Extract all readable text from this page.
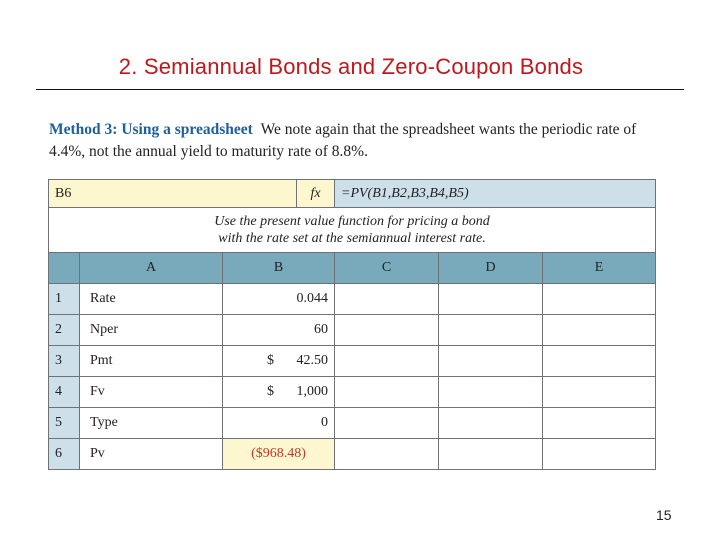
2. Semiannual Bonds and Zero-Coupon Bonds
Method 3: Using a spreadsheet We note again that the spreadsheet wants the periodic rate of 4.4%, not the annual yield to maturity rate of 8.8%.
B6			fx	=PV(B1,B2,B3,B4,B5)		

Use the present value function for pricing a bond
with the rate set at the semiannual interest rate.						

	A	B		C	D	E
1	Rate	0.044				
2	Nper	60				
3	Pmt	$ 42.50				

4	Fv	$ 1,000				

5	Type	0				
6	Pv	($968.48)				
15
